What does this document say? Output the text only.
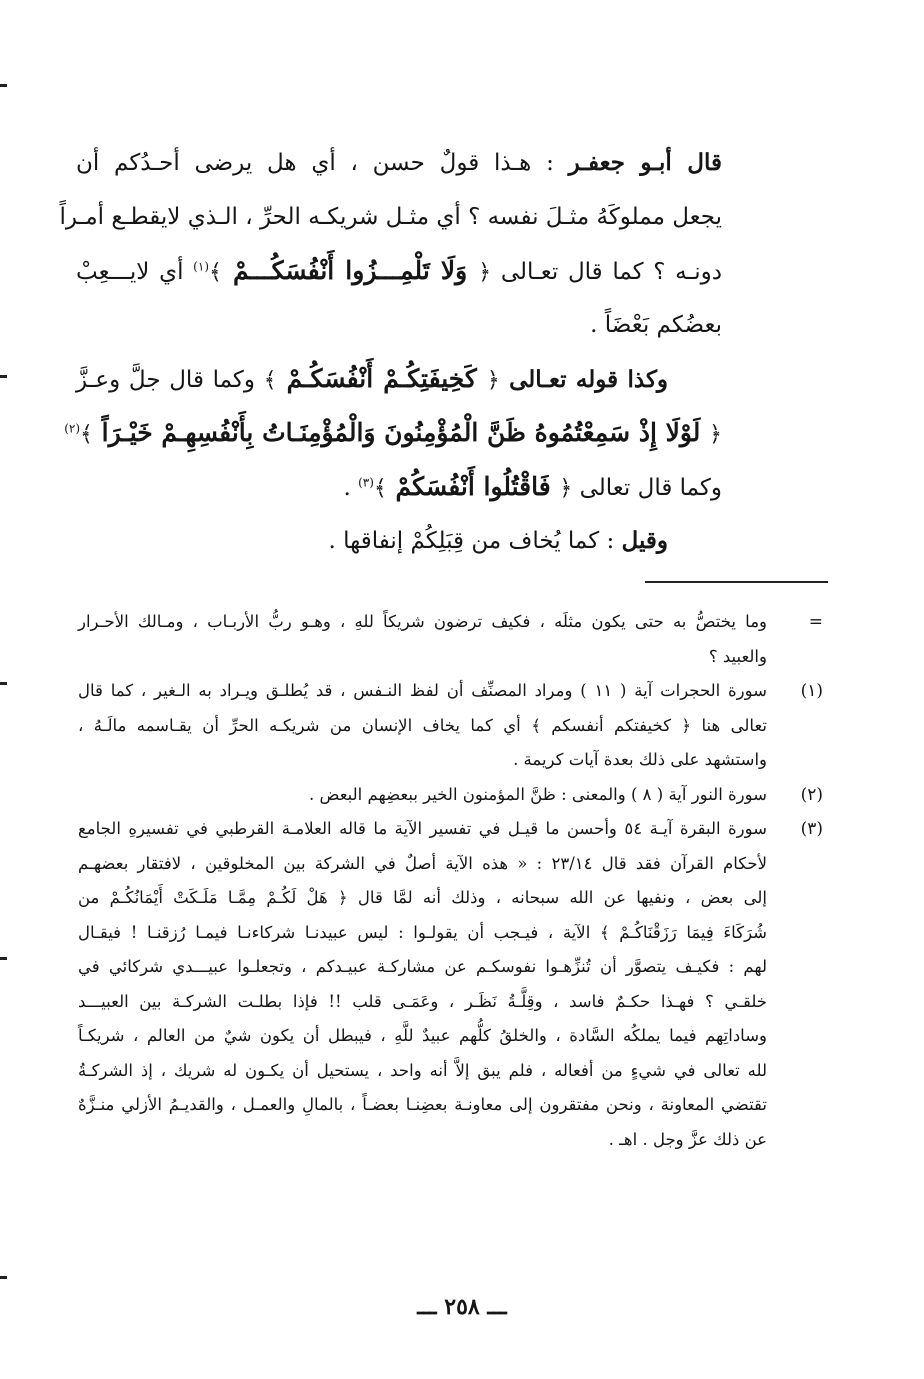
قال أبـو جعفـر : هـذا قولٌ حسن ، أي هل يرضى أحـدُكم أن
يجعل مملوكَهُ مثـلَ نفسه ؟ أي مثـل شريكـه الحرِّ ، الـذي لايقطـع أمـراً
دونـه ؟ كما قال تعـالى ﴿ وَلَا تَلْمِـــزُوا أَنْفُسَكُـــمْ ﴾$^{(١)}$ أي لايـــعِبْ
بعضُكم بَعْضَاً .
وكذا قوله تعـالى ﴿ كَخِيفَتِكُـمْ أَنْفُسَكُـمْ ﴾ وكما قال جلَّ وعـزَّ
﴿ لَوْلَا إِذْ سَمِعْتُمُوهُ ظَنَّ الْمُؤْمِنُونَ وَالْمُؤْمِنَـاتُ بِأَنْفُسِهِـمْ خَيْـرَاً ﴾$^{(٢)}$
وكما قال تعالى ﴿ فَاقْتُلُوا أَنْفُسَكُمْ ﴾$^{(٣)}$ .
وقيل : كما يُخاف من قِبَلِكُمْ إنفاقها .
=
وما يختصُّ به حتى يكون مثلَه ، فكيف ترضون شريكاً للهِ ، وهـو ربُّ الأربـاب ، ومـالك الأحـرار
والعبيد ؟
(١)
سورة الحجرات آية ( ١١ ) ومراد المصنِّف أن لفظ النـفس ، قد يُطلـق ويـراد به الـغير ، كما قال
تعالى هنا ﴿ كخيفتكم أنفسكم ﴾ أي كما يخاف الإنسان من شريكـه الحرِّ أن يقـاسمه مالَـهُ ،
واستشهد على ذلك بعدة آيات كريمة .
(٢)
سورة النور آية ( ٨ ) والمعنى : ظنَّ المؤمنون الخير ببعضِهم البعض .
(٣)
سورة البقرة آيـة ٥٤ وأحسن ما قيـل في تفسير الآية ما قاله العلامـة القرطبي في تفسيرهِ الجامع
لأحكام القرآن فقد قال ٢٣/١٤ : « هذه الآية أصلٌ في الشركة بين المخلوقين ، لافتقار بعضهـم
إلى بعض ، ونفيها عن الله سبحانه ، وذلك أنه لمَّا قال ﴿ هَلْ لَكُـمْ مِمَّـا مَلَـكَتْ أَيْمَانُكُـمْ من
شُرَكَاءَ فِيمَا رَزَقْنَاكُـمْ ﴾ الآية ، فيـجب أن يقولـوا : ليس عبيدنـا شركاءنـا فيمـا رُزقنـا ! فيقـال
لهم : فكيـف يتصوَّر أن تُنزِّهـوا نفوسكـم عن مشاركـة عبيـدكم ، وتجعلـوا عبيـــدي شركائي في
خلقـي ؟ فهـذا حكـمٌ فاسد ، وقِلَّـةُ نَظَـر ، وعَمَـى قلب !! فإذا بطلـت الشركـة بين العبيـــد
وساداتِهم فيما يملكُه السَّادة ، والخلقُ كلُّهم عبيدٌ للَّهِ ، فيبطل أن يكون شيٌ من العالم ، شريكـاً
لله تعالى في شيءٍ من أفعاله ، فلم يبق إلاَّ أنه واحد ، يستحيل أن يكـون له شريك ، إذ الشركـةُ
تقتضي المعاونة ، ونحن مفتقرون إلى معاونـة بعضِنـا بعضـاً ، بالمالِ والعمـل ، والقديـمُ الأزلي منـزَّهٌ
عن ذلك عزَّ وجل . اهـ .
ـــ ٢٥٨ ـــ
